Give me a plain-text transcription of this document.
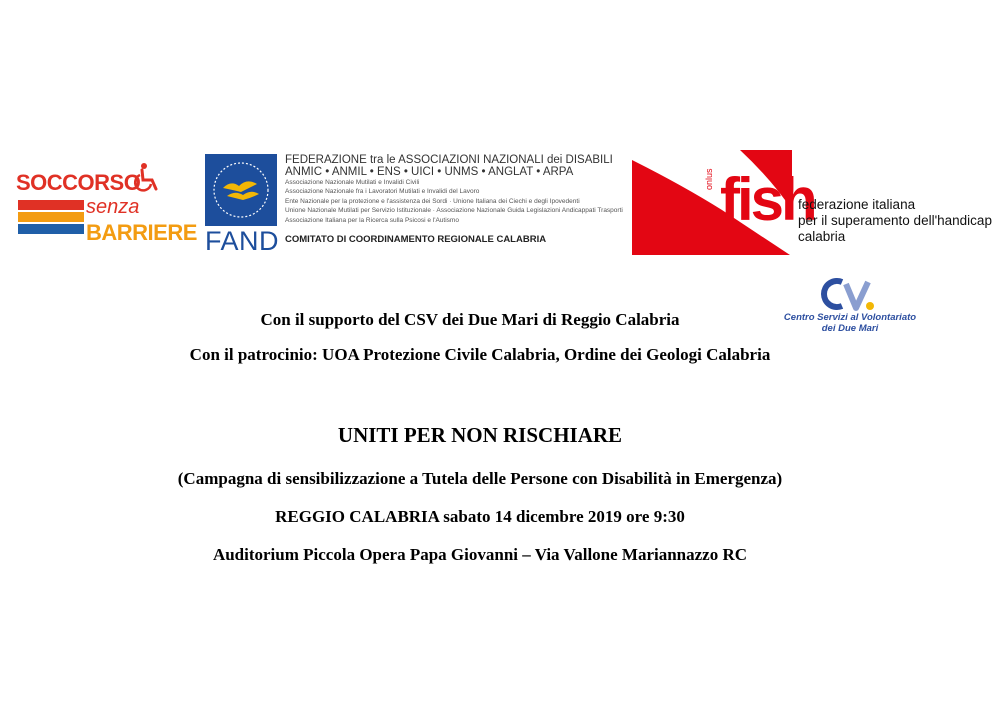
SOCCORSO
senza
BARRIERE FAND
FEDERAZIONE tra le ASSOCIAZIONI NAZIONALI dei DISABILI
ANMIC • ANMIL • ENS • UICI • UNMS • ANGLAT • ARPA
Associazione Nazionale Mutilati e Invalidi Civili
Associazione Nazionale fra i Lavoratori Mutilati e Invalidi del Lavoro
Ente Nazionale per la protezione e l'assistenza dei Sordi · Unione Italiana dei Ciechi e degli Ipovedenti
Unione Nazionale Mutilati per Servizio Istituzionale · Associazione Nazionale Guida Legislazioni Andicappati Trasporti
Associazione Italiana per la Ricerca sulla Psicosi e l'Autismo
COMITATO DI COORDINAMENTO REGIONALE CALABRIA
onlus fish
federazione italiana
per il superamento dell'handicap
calabria
Centro Servizi al Volontariato
dei Due Mari
Con il supporto del CSV dei Due Mari di Reggio Calabria
Con il patrocinio: UOA Protezione Civile Calabria, Ordine dei Geologi Calabria
UNITI PER NON RISCHIARE
(Campagna di sensibilizzazione a Tutela delle Persone con Disabilità in Emergenza)
REGGIO CALABRIA sabato 14 dicembre 2019 ore 9:30
Auditorium Piccola Opera Papa Giovanni – Via Vallone Mariannazzo RC
